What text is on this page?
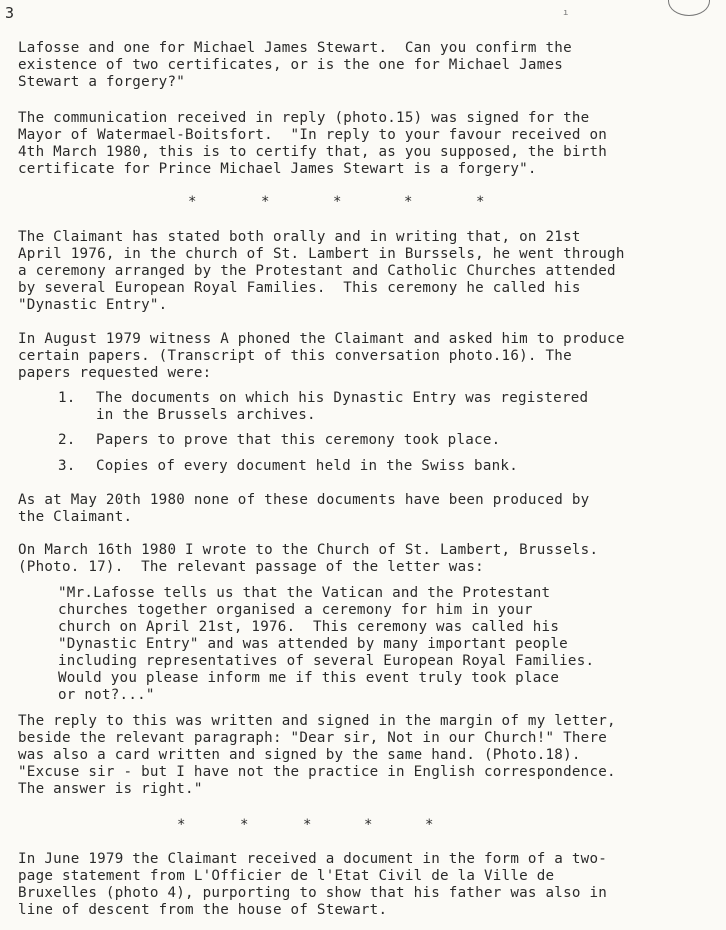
3	ı

Lafosse and one for Michael James Stewart.  Can you confirm the

existence of two certificates, or is the one for Michael James

Stewart a forgery?"

The communication received in reply (photo.15) was signed for the

Mayor of Watermael-Boitsfort.  "In reply to your favour received on

4th March 1980, this is to certify that, as you supposed, the birth

certificate for Prince Michael James Stewart is a forgery".

*

	*

	*

	*

	*

The Claimant has stated both orally and in writing that, on 21st

April 1976, in the church of St. Lambert in Burssels, he went through

a ceremony arranged by the Protestant and Catholic Churches attended

by several European Royal Families.  This ceremony he called his

"Dynastic Entry".

In August 1979 witness A phoned the Claimant and asked him to produce

certain papers. (Transcript of this conversation photo.16). The

papers requested were:

1. The documents on which his Dynastic Entry was registered

in the Brussels archives.

2. Papers to prove that this ceremony took place.

3. Copies of every document held in the Swiss bank.

As at May 20th 1980 none of these documents have been produced by

the Claimant.

On March 16th 1980 I wrote to the Church of St. Lambert, Brussels.

(Photo. 17).  The relevant passage of the letter was:

"Mr.Lafosse tells us that the Vatican and the Protestant

churches together organised a ceremony for him in your

church on April 21st, 1976.  This ceremony was called his

"Dynastic Entry" and was attended by many important people

including representatives of several European Royal Families.

Would you please inform me if this event truly took place

or not?..."

The reply to this was written and signed in the margin of my letter,

beside the relevant paragraph: "Dear sir, Not in our Church!" There

was also a card written and signed by the same hand. (Photo.18).

"Excuse sir - but I have not the practice in English correspondence.

The answer is right."

*

	*

	*

	*

	*

In June 1979 the Claimant received a document in the form of a two-

page statement from L'Officier de l'Etat Civil de la Ville de

Bruxelles (photo 4), purporting to show that his father was also in

line of descent from the house of Stewart.
